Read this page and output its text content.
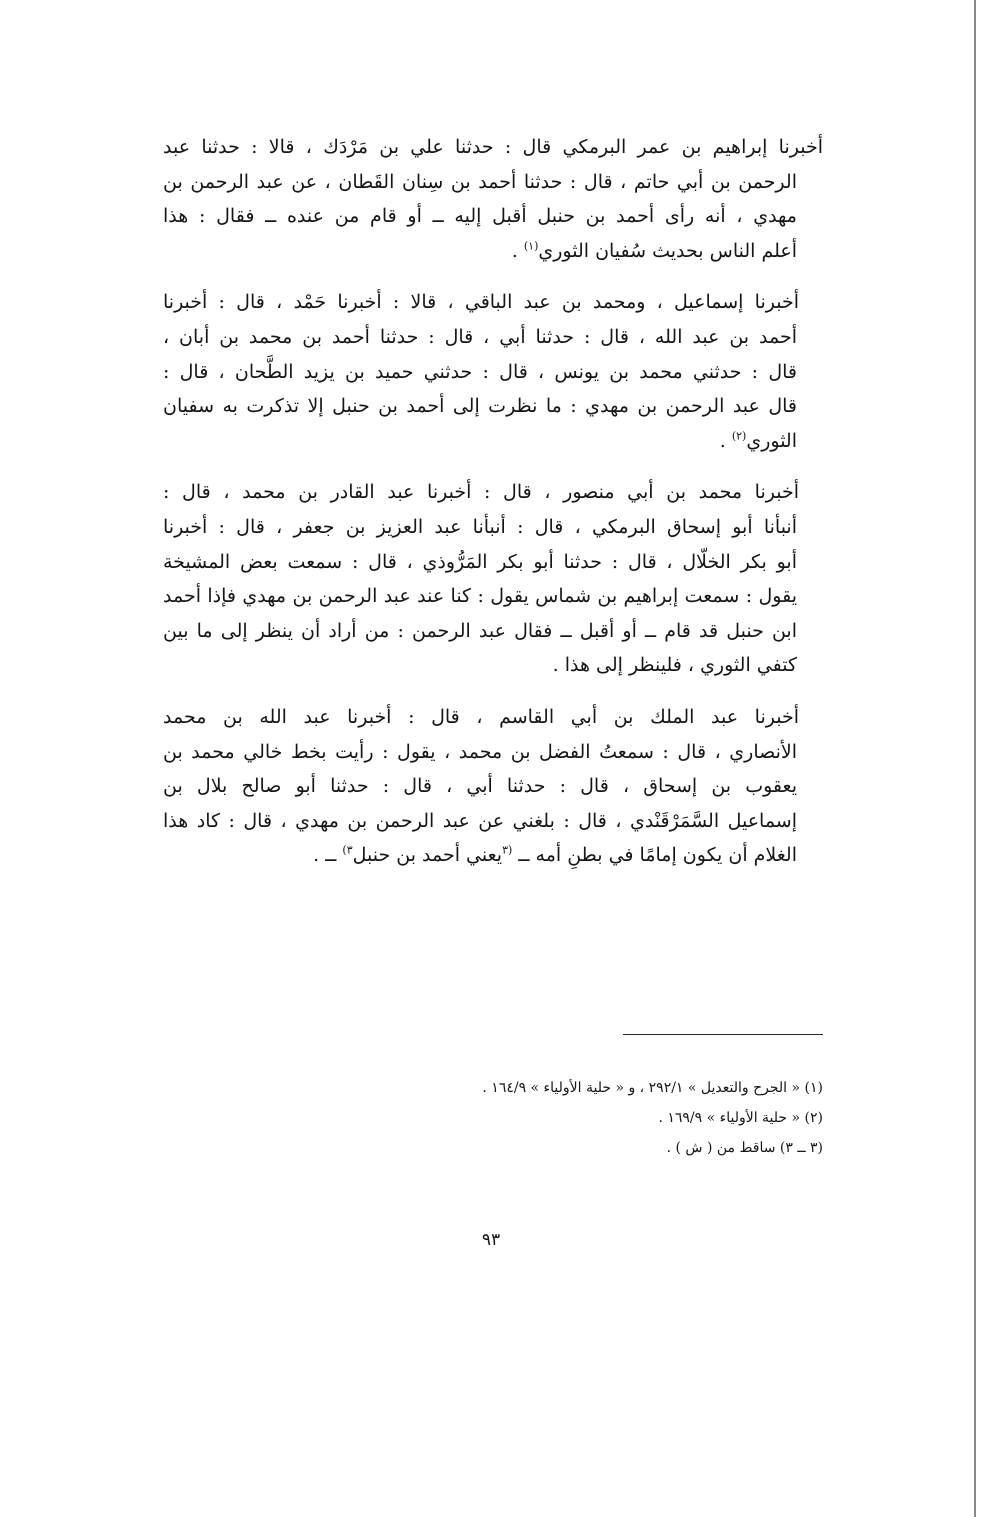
أخبرنا إبراهيم بن عمر البرمكي قال : حدثنا علي بن مَرْدَك ، قالا : حدثنا عبد
الرحمن بن أبي حاتم ، قال : حدثنا أحمد بن سِنان القَطان ، عن عبد الرحمن بن
مهدي ، أنه رأى أحمد بن حنبل أقبل إليه ــ أو قام من عنده ــ فقال : هذا
أعلم الناس بحديث سُفيان الثوري$^{(١)}$ .
أخبرنا إسماعيل ، ومحمد بن عبد الباقي ، قالا : أخبرنا حَمْد ، قال : أخبرنا
أحمد بن عبد الله ، قال : حدثنا أبي ، قال : حدثنا أحمد بن محمد بن أبان ،
قال : حدثني محمد بن يونس ، قال : حدثني حميد بن يزيد الطَّحان ، قال :
قال عبد الرحمن بن مهدي : ما نظرت إلى أحمد بن حنبل إلا تذكرت به سفيان
الثوري$^{(٢)}$ .
أخبرنا محمد بن أبي منصور ، قال : أخبرنا عبد القادر بن محمد ، قال :
أنبأنا أبو إسحاق البرمكي ، قال : أنبأنا عبد العزيز بن جعفر ، قال : أخبرنا
أبو بكر الخلّال ، قال : حدثنا أبو بكر المَرُّوذي ، قال : سمعت بعض المشيخة
يقول : سمعت إبراهيم بن شماس يقول : كنا عند عبد الرحمن بن مهدي فإذا أحمد
ابن حنبل قد قام ــ أو أقبل ــ فقال عبد الرحمن : من أراد أن ينظر إلى ما بين
كتفي الثوري ، فلينظر إلى هذا .
أخبرنا عبد الملك بن أبي القاسم ، قال : أخبرنا عبد الله بن محمد
الأنصاري ، قال : سمعتُ الفضل بن محمد ، يقول : رأيت بخط خالي محمد بن
يعقوب بن إسحاق ، قال : حدثنا أبي ، قال : حدثنا أبو صالح بلال بن
إسماعيل السَّمَرْقَنْدي ، قال : بلغني عن عبد الرحمن بن مهدي ، قال : كاد هذا
الغلام أن يكون إمامًا في بطنِ أمه ــ $^{(٣}$يعني أحمد بن حنبل$^{٣)}$ ــ .
(١) « الجرح والتعديل » ٢٩٢/١ ، و « حلية الأولياء » ١٦٤/٩ .
(٢) « حلية الأولياء » ١٦٩/٩ .
(٣ ــ ٣) ساقط من ( ش ) .
٩٣
